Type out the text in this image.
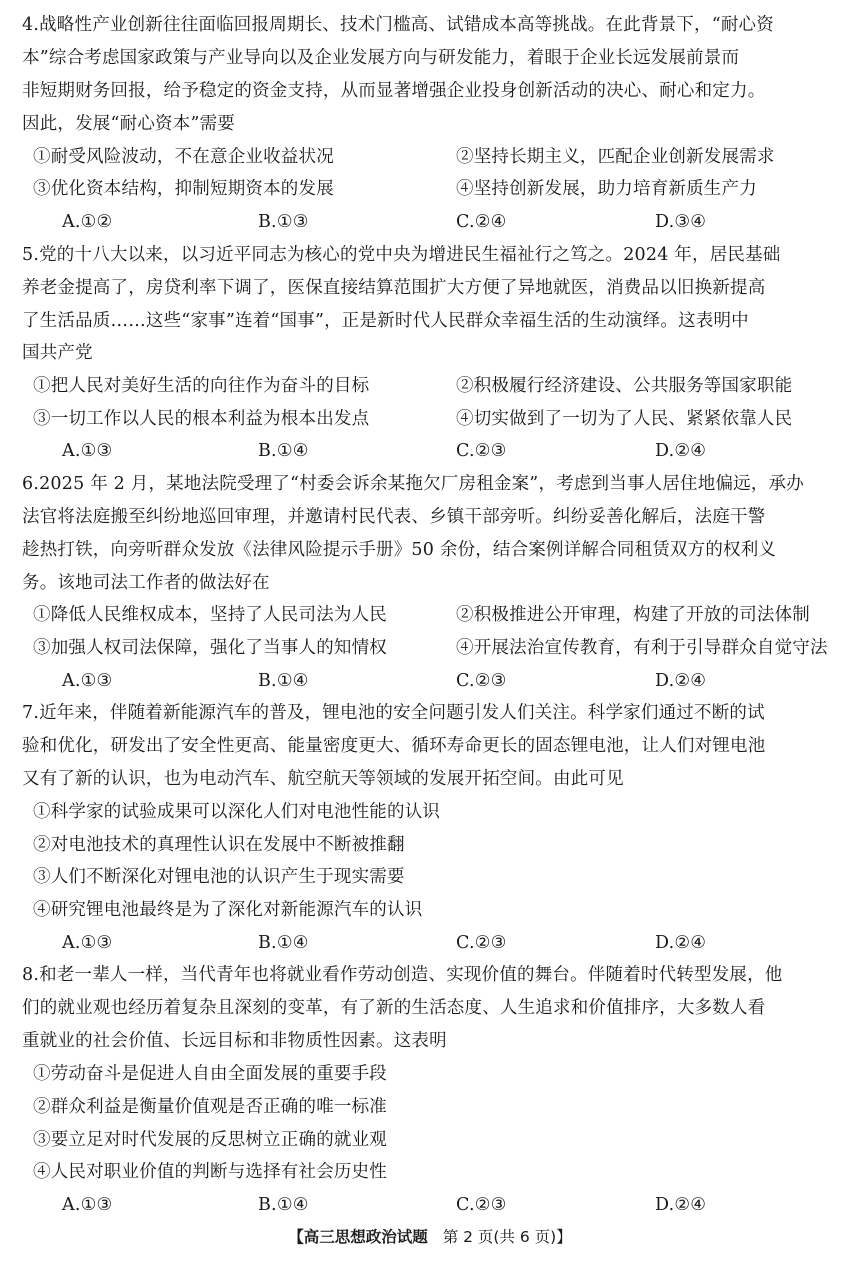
4.战略性产业创新往往面临回报周期长、技术门槛高、试错成本高等挑战。在此背景下，“耐心资
本”综合考虑国家政策与产业导向以及企业发展方向与研发能力，着眼于企业长远发展前景而
非短期财务回报，给予稳定的资金支持，从而显著增强企业投身创新活动的决心、耐心和定力。
因此，发展“耐心资本”需要
①耐受风险波动，不在意企业收益状况	②坚持长期主义，匹配企业创新发展需求
③优化资本结构，抑制短期资本的发展	④坚持创新发展，助力培育新质生产力
A.①②	B.①③	C.②④	D.③④
5.党的十八大以来，以习近平同志为核心的党中央为增进民生福祉行之笃之。2024 年，居民基础
养老金提高了，房贷利率下调了，医保直接结算范围扩大方便了异地就医，消费品以旧换新提高
了生活品质……这些“家事”连着“国事”，正是新时代人民群众幸福生活的生动演绎。这表明中
国共产党
①把人民对美好生活的向往作为奋斗的目标	②积极履行经济建设、公共服务等国家职能
③一切工作以人民的根本利益为根本出发点	④切实做到了一切为了人民、紧紧依靠人民
A.①③	B.①④	C.②③	D.②④
6.2025 年 2 月，某地法院受理了“村委会诉余某拖欠厂房租金案”，考虑到当事人居住地偏远，承办
法官将法庭搬至纠纷地巡回审理，并邀请村民代表、乡镇干部旁听。纠纷妥善化解后，法庭干警
趁热打铁，向旁听群众发放《法律风险提示手册》50 余份，结合案例详解合同租赁双方的权利义
务。该地司法工作者的做法好在
①降低人民维权成本，坚持了人民司法为人民	②积极推进公开审理，构建了开放的司法体制
③加强人权司法保障，强化了当事人的知情权	④开展法治宣传教育，有利于引导群众自觉守法
A.①③	B.①④	C.②③	D.②④
7.近年来，伴随着新能源汽车的普及，锂电池的安全问题引发人们关注。科学家们通过不断的试
验和优化，研发出了安全性更高、能量密度更大、循环寿命更长的固态锂电池，让人们对锂电池
又有了新的认识，也为电动汽车、航空航天等领域的发展开拓空间。由此可见
①科学家的试验成果可以深化人们对电池性能的认识
②对电池技术的真理性认识在发展中不断被推翻
③人们不断深化对锂电池的认识产生于现实需要
④研究锂电池最终是为了深化对新能源汽车的认识
A.①③	B.①④	C.②③	D.②④
8.和老一辈人一样，当代青年也将就业看作劳动创造、实现价值的舞台。伴随着时代转型发展，他
们的就业观也经历着复杂且深刻的变革，有了新的生活态度、人生追求和价值排序，大多数人看
重就业的社会价值、长远目标和非物质性因素。这表明
①劳动奋斗是促进人自由全面发展的重要手段
②群众利益是衡量价值观是否正确的唯一标准
③要立足对时代发展的反思树立正确的就业观
④人民对职业价值的判断与选择有社会历史性
A.①③	B.①④	C.②③	D.②④
【高三思想政治试题 第 2 页(共 6 页)】
